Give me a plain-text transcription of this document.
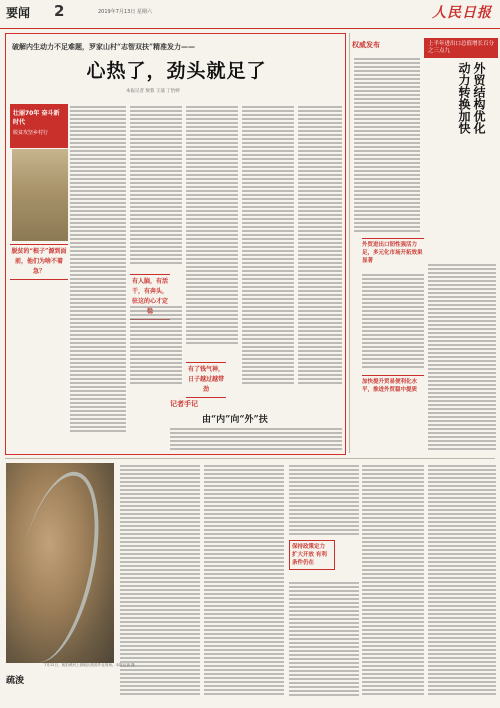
要闻 2	2019年7月13日 星期六	人民日报
破解内生动力不足难题，罗家山村“志智双扶”精准发力——
心热了，劲头就足了
本报记者 敖蓉 王迪 丁怡婷
壮丽70年 奋斗新时代
脱贫攻坚乡村行
脱贫的“根子”源到面前，他们为啥不着急？
有人脑，有活干，有奔头，驻这的心才定
有了钱气神，日子越过越带劲
记者手记
由“内”向“外”扶
权威发布	上半年进出口总值增长百分之三点九
外贸结构优化
动力转换加快
外贸进出口韧性强活力足，多元化市场开拓效果显著
加快提升贸易便利化水平，推进外贸稳中提质
保持政策定力 扩大开放 有利条件仍在
疏浚
7月12日，航拍黄河上游地区疏浚作业现场。本报记者 摄
